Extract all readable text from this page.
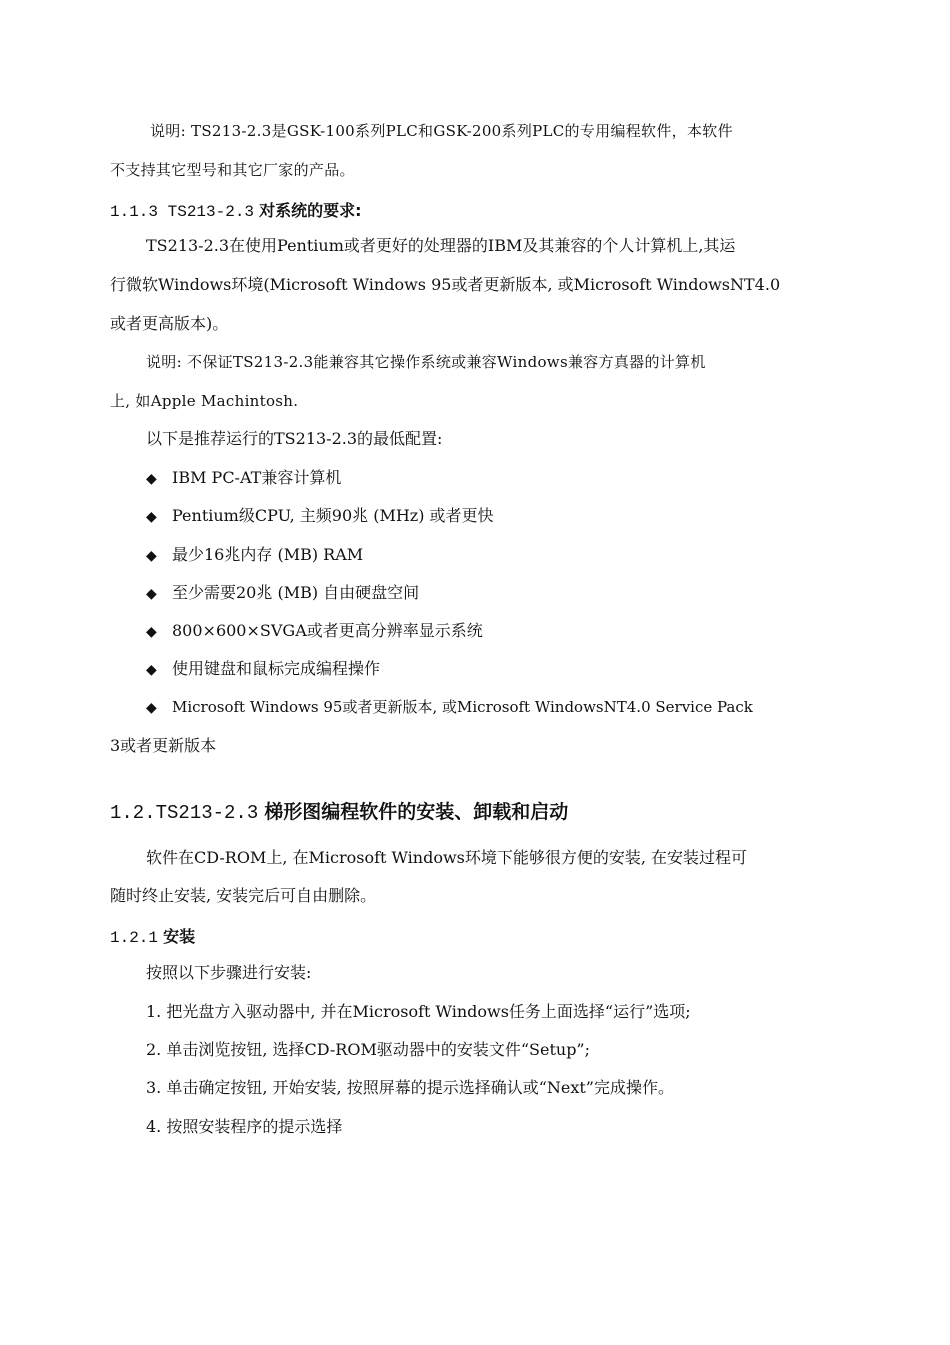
说明: TS213-2.3是GSK-100系列PLC和GSK-200系列PLC的专用编程软件，本软件
不支持其它型号和其它厂家的产品。
1.1.3 TS213-2.3 对系统的要求:
TS213-2.3在使用Pentium或者更好的处理器的IBM及其兼容的个人计算机上,其运
行微软Windows环境(Microsoft Windows 95或者更新版本, 或Microsoft WindowsNT4.0
或者更高版本)。
说明: 不保证TS213-2.3能兼容其它操作系统或兼容Windows兼容方真器的计算机
上, 如Apple Machintosh.
以下是推荐运行的TS213-2.3的最低配置:
◆ IBM PC-AT兼容计算机
◆ Pentium级CPU, 主频90兆 (MHz) 或者更快
◆ 最少16兆内存 (MB) RAM
◆ 至少需要20兆 (MB) 自由硬盘空间
◆ 800×600×SVGA或者更高分辨率显示系统
◆ 使用键盘和鼠标完成编程操作
◆ Microsoft Windows 95或者更新版本, 或Microsoft WindowsNT4.0 Service Pack
3或者更新版本
1.2.TS213-2.3 梯形图编程软件的安装、卸载和启动
软件在CD-ROM上, 在Microsoft Windows环境下能够很方便的安装, 在安装过程可
随时终止安装, 安装完后可自由删除。
1.2.1 安装
按照以下步骤进行安装:
1. 把光盘方入驱动器中, 并在Microsoft Windows任务上面选择“运行”选项;
2. 单击浏览按钮, 选择CD-ROM驱动器中的安装文件“Setup”;
3. 单击确定按钮, 开始安装, 按照屏幕的提示选择确认或“Next”完成操作。
4. 按照安装程序的提示选择
